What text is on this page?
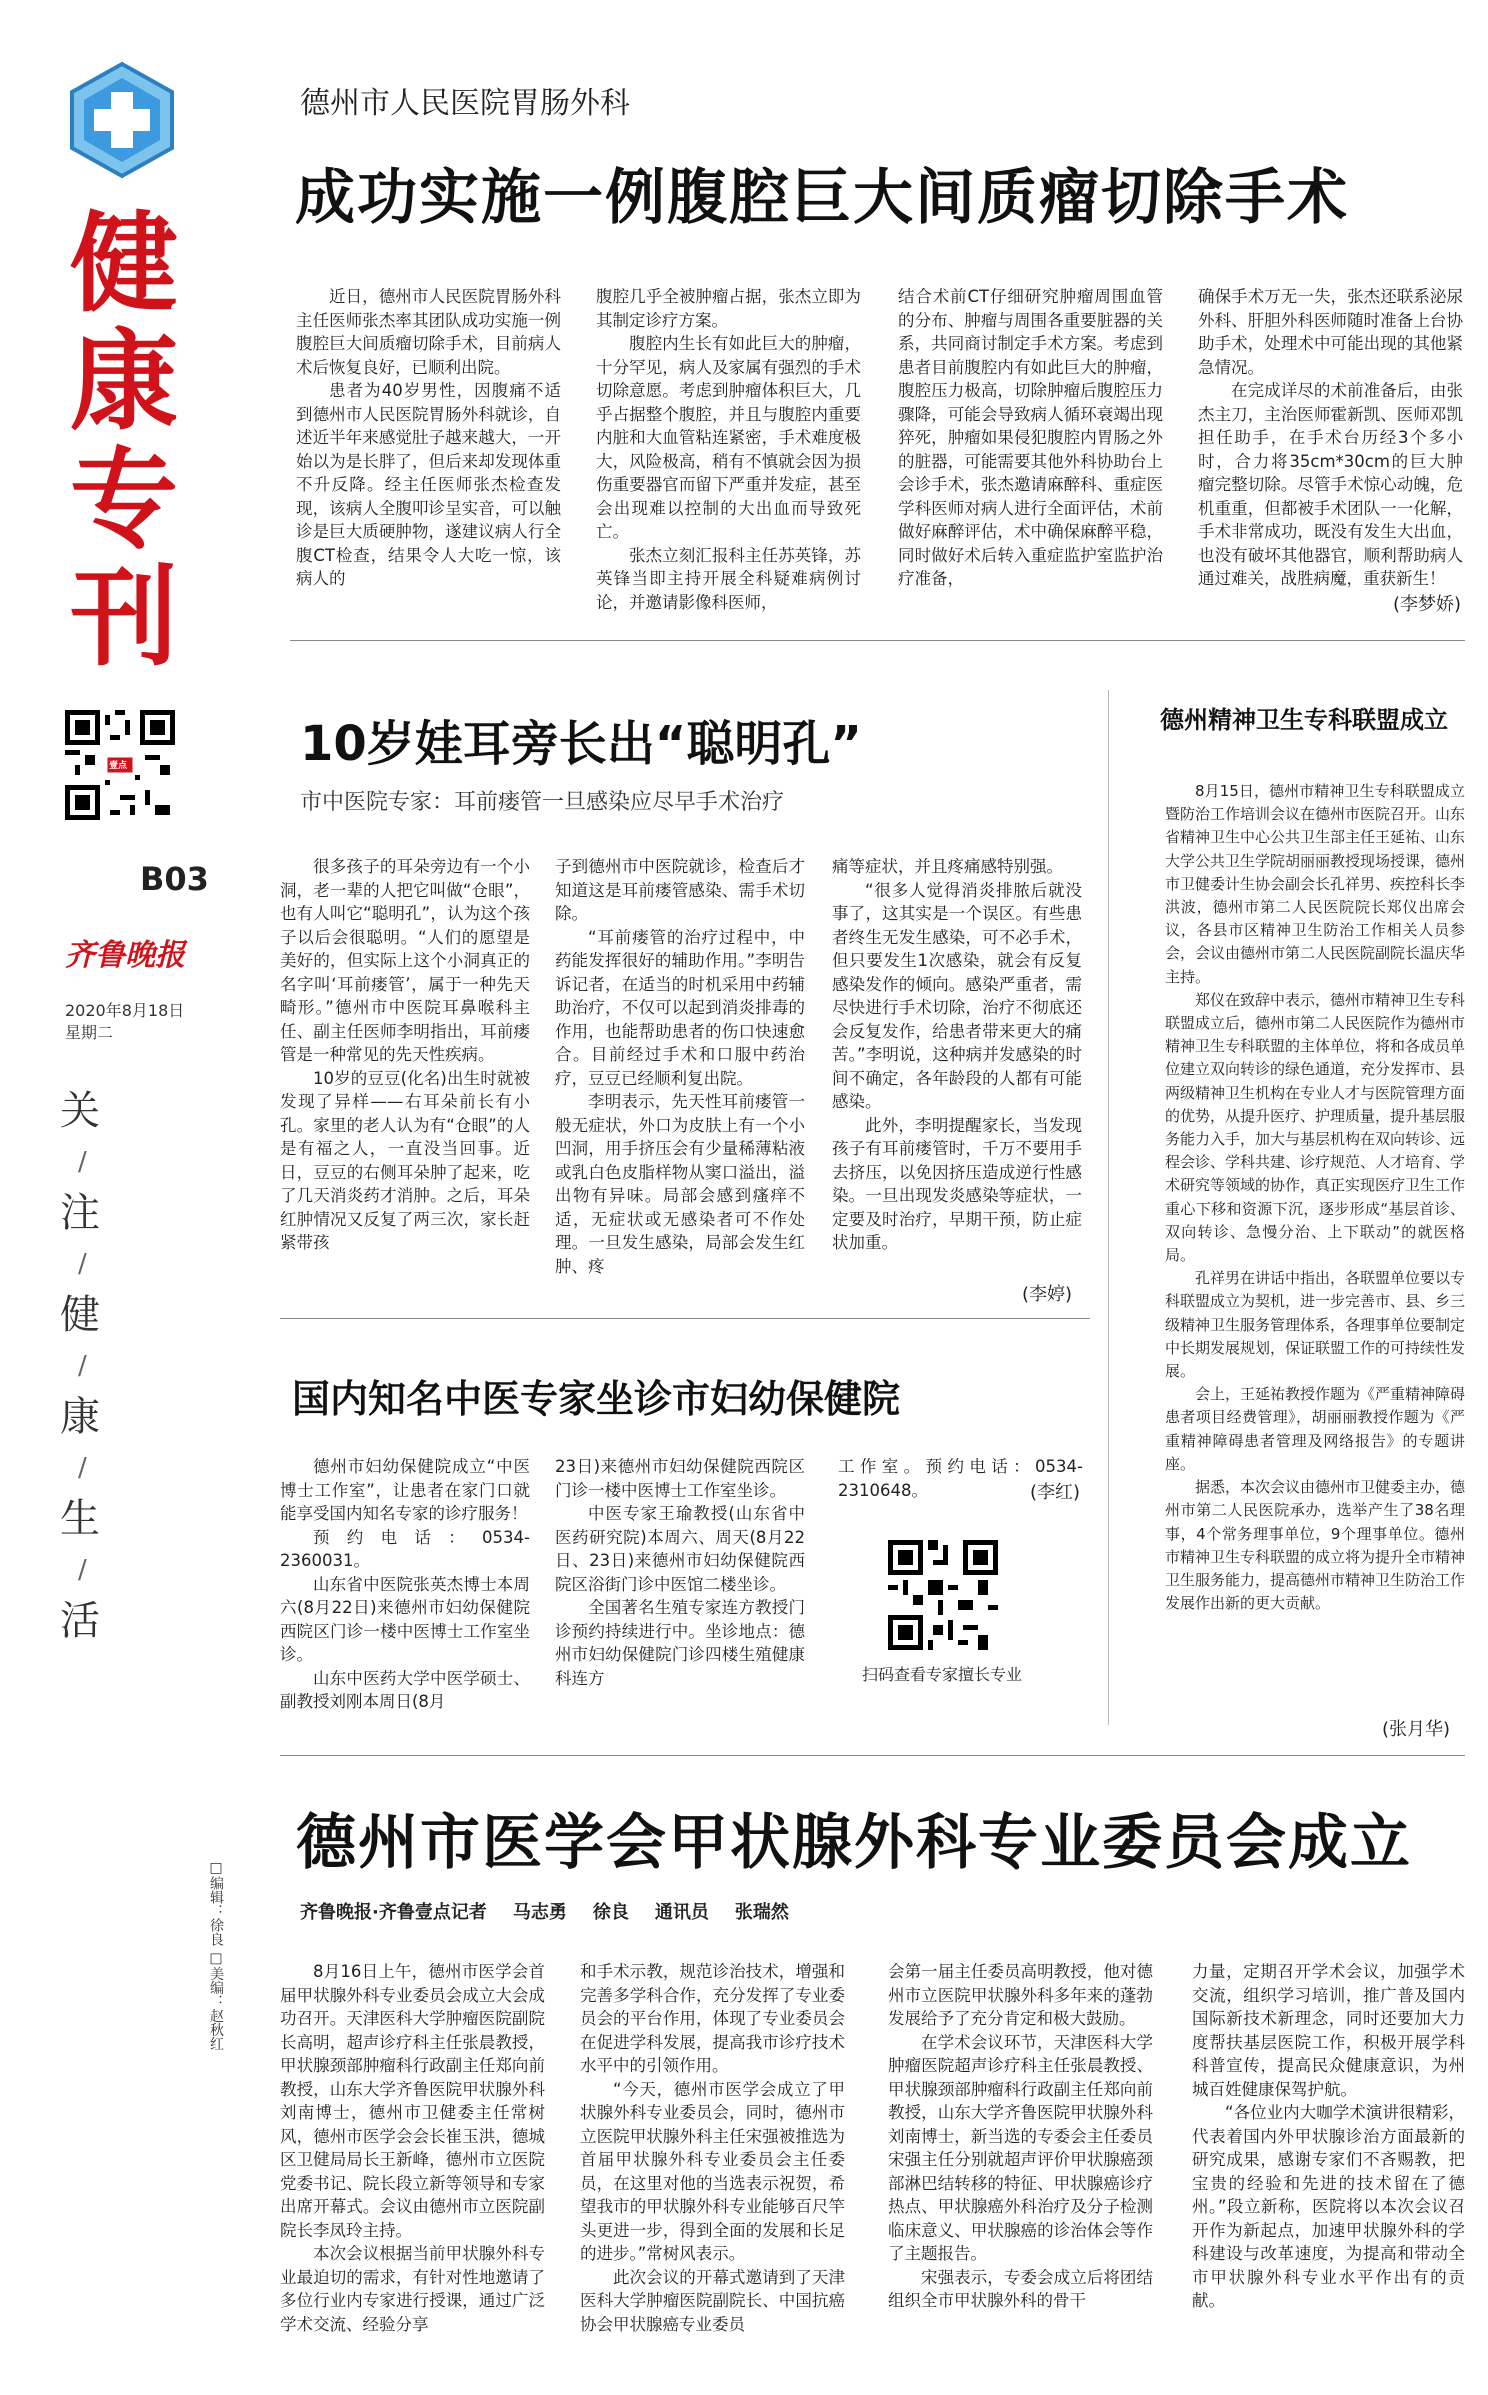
健
康
专
刊
壹点
B03
齐鲁晚报
2020年8月18日
星期二
关
/
注
/
健
/
康
/
生
/
活
□编辑：徐良 □美编：赵秋红
德州市人民医院胃肠外科
成功实施一例腹腔巨大间质瘤切除手术

近日，德州市人民医院胃肠外科主任医师张杰率其团队成功实施一例腹腔巨大间质瘤切除手术，目前病人术后恢复良好，已顺利出院。

患者为40岁男性，因腹痛不适到德州市人民医院胃肠外科就诊，自述近半年来感觉肚子越来越大，一开始以为是长胖了，但后来却发现体重不升反降。经主任医师张杰检查发现，该病人全腹叩诊呈实音，可以触诊是巨大质硬肿物，遂建议病人行全腹CT检查，结果令人大吃一惊，该病人的

腹腔几乎全被肿瘤占据，张杰立即为其制定诊疗方案。

腹腔内生长有如此巨大的肿瘤，十分罕见，病人及家属有强烈的手术切除意愿。考虑到肿瘤体积巨大，几乎占据整个腹腔，并且与腹腔内重要内脏和大血管粘连紧密，手术难度极大，风险极高，稍有不慎就会因为损伤重要器官而留下严重并发症，甚至会出现难以控制的大出血而导致死亡。

张杰立刻汇报科主任苏英锋，苏英锋当即主持开展全科疑难病例讨论，并邀请影像科医师，

结合术前CT仔细研究肿瘤周围血管的分布、肿瘤与周围各重要脏器的关系，共同商讨制定手术方案。考虑到患者目前腹腔内有如此巨大的肿瘤，腹腔压力极高，切除肿瘤后腹腔压力骤降，可能会导致病人循环衰竭出现猝死，肿瘤如果侵犯腹腔内胃肠之外的脏器，可能需要其他外科协助台上会诊手术，张杰邀请麻醉科、重症医学科医师对病人进行全面评估，术前做好麻醉评估，术中确保麻醉平稳，同时做好术后转入重症监护室监护治疗准备，

确保手术万无一失，张杰还联系泌尿外科、肝胆外科医师随时准备上台协助手术，处理术中可能出现的其他紧急情况。

在完成详尽的术前准备后，由张杰主刀，主治医师霍新凯、医师邓凯担任助手，在手术台历经3个多小时，合力将35cm*30cm的巨大肿瘤完整切除。尽管手术惊心动魄，危机重重，但都被手术团队一一化解，手术非常成功，既没有发生大出血，也没有破坏其他器官，顺利帮助病人通过难关，战胜病魔，重获新生！

(李梦娇)
10岁娃耳旁长出“聪明孔”
市中医院专家：耳前瘘管一旦感染应尽早手术治疗

很多孩子的耳朵旁边有一个小洞，老一辈的人把它叫做“仓眼”，也有人叫它“聪明孔”，认为这个孩子以后会很聪明。“人们的愿望是美好的，但实际上这个小洞真正的名字叫‘耳前瘘管’，属于一种先天畸形。”德州市中医院耳鼻喉科主任、副主任医师李明指出，耳前瘘管是一种常见的先天性疾病。

10岁的豆豆(化名)出生时就被发现了异样——右耳朵前长有小孔。家里的老人认为有“仓眼”的人是有福之人，一直没当回事。近日，豆豆的右侧耳朵肿了起来，吃了几天消炎药才消肿。之后，耳朵红肿情况又反复了两三次，家长赶紧带孩

子到德州市中医院就诊，检查后才知道这是耳前瘘管感染、需手术切除。

“耳前瘘管的治疗过程中，中药能发挥很好的辅助作用。”李明告诉记者，在适当的时机采用中药辅助治疗，不仅可以起到消炎排毒的作用，也能帮助患者的伤口快速愈合。目前经过手术和口服中药治疗，豆豆已经顺利复出院。

李明表示，先天性耳前瘘管一般无症状，外口为皮肤上有一个小凹洞，用手挤压会有少量稀薄粘液或乳白色皮脂样物从窦口溢出，溢出物有异味。局部会感到瘙痒不适，无症状或无感染者可不作处理。一旦发生感染，局部会发生红肿、疼

痛等症状，并且疼痛感特别强。

“很多人觉得消炎排脓后就没事了，这其实是一个误区。有些患者终生无发生感染，可不必手术，但只要发生1次感染，就会有反复感染发作的倾向。感染严重者，需尽快进行手术切除，治疗不彻底还会反复发作，给患者带来更大的痛苦。”李明说，这种病并发感染的时间不确定，各年龄段的人都有可能感染。

此外，李明提醒家长，当发现孩子有耳前瘘管时，千万不要用手去挤压，以免因挤压造成逆行性感染。一旦出现发炎感染等症状，一定要及时治疗，早期干预，防止症状加重。

(李婷)
国内知名中医专家坐诊市妇幼保健院

德州市妇幼保健院成立“中医博士工作室”，让患者在家门口就能享受国内知名专家的诊疗服务！

预约电话：0534-2360031。

山东省中医院张英杰博士本周六(8月22日)来德州市妇幼保健院西院区门诊一楼中医博士工作室坐诊。

山东中医药大学中医学硕士、副教授刘刚本周日(8月

23日)来德州市妇幼保健院西院区门诊一楼中医博士工作室坐诊。

中医专家王瑜教授(山东省中医药研究院)本周六、周天(8月22日、23日)来德州市妇幼保健院西院区浴街门诊中医馆二楼坐诊。

全国著名生殖专家连方教授门诊预约持续进行中。坐诊地点：德州市妇幼保健院门诊四楼生殖健康科连方

工作室。预约电话：0534-2310648。	(李红)
扫码查看专家擅长专业
德州精神卫生专科联盟成立

8月15日，德州市精神卫生专科联盟成立暨防治工作培训会议在德州市医院召开。山东省精神卫生中心公共卫生部主任王延祐、山东大学公共卫生学院胡丽丽教授现场授课，德州市卫健委计生协会副会长孔祥男、疾控科长李洪波，德州市第二人民医院院长郑仪出席会议，各县市区精神卫生防治工作相关人员参会，会议由德州市第二人民医院副院长温庆华主持。

郑仪在致辞中表示，德州市精神卫生专科联盟成立后，德州市第二人民医院作为德州市精神卫生专科联盟的主体单位，将和各成员单位建立双向转诊的绿色通道，充分发挥市、县两级精神卫生机构在专业人才与医院管理方面的优势，从提升医疗、护理质量，提升基层服务能力入手，加大与基层机构在双向转诊、远程会诊、学科共建、诊疗规范、人才培育、学术研究等领域的协作，真正实现医疗卫生工作重心下移和资源下沉，逐步形成“基层首诊、双向转诊、急慢分治、上下联动”的就医格局。

孔祥男在讲话中指出，各联盟单位要以专科联盟成立为契机，进一步完善市、县、乡三级精神卫生服务管理体系，各理事单位要制定中长期发展规划，保证联盟工作的可持续性发展。

会上，王延祐教授作题为《严重精神障碍患者项目经费管理》，胡丽丽教授作题为《严重精神障碍患者管理及网络报告》的专题讲座。

据悉，本次会议由德州市卫健委主办，德州市第二人民医院承办，选举产生了38名理事，4个常务理事单位，9个理事单位。德州市精神卫生专科联盟的成立将为提升全市精神卫生服务能力，提高德州市精神卫生防治工作发展作出新的更大贡献。

(张月华)
德州市医学会甲状腺外科专业委员会成立
齐鲁晚报·齐鲁壹点记者 马志勇 徐良 通讯员 张瑞然

8月16日上午，德州市医学会首届甲状腺外科专业委员会成立大会成功召开。天津医科大学肿瘤医院副院长高明，超声诊疗科主任张晨教授，甲状腺颈部肿瘤科行政副主任郑向前教授，山东大学齐鲁医院甲状腺外科刘南博士，德州市卫健委主任常树风，德州市医学会会长崔玉洪，德城区卫健局局长王新峰，德州市立医院党委书记、院长段立新等领导和专家出席开幕式。会议由德州市立医院副院长李凤玲主持。

本次会议根据当前甲状腺外科专业最迫切的需求，有针对性地邀请了多位行业内专家进行授课，通过广泛学术交流、经验分享

和手术示教，规范诊治技术，增强和完善多学科合作，充分发挥了专业委员会的平台作用，体现了专业委员会在促进学科发展，提高我市诊疗技术水平中的引领作用。

“今天，德州市医学会成立了甲状腺外科专业委员会，同时，德州市立医院甲状腺外科主任宋强被推选为首届甲状腺外科专业委员会主任委员，在这里对他的当选表示祝贺，希望我市的甲状腺外科专业能够百尺竿头更进一步，得到全面的发展和长足的进步。”常树风表示。

此次会议的开幕式邀请到了天津医科大学肿瘤医院副院长、中国抗癌协会甲状腺癌专业委员

会第一届主任委员高明教授，他对德州市立医院甲状腺外科多年来的蓬勃发展给予了充分肯定和极大鼓励。

在学术会议环节，天津医科大学肿瘤医院超声诊疗科主任张晨教授、甲状腺颈部肿瘤科行政副主任郑向前教授，山东大学齐鲁医院甲状腺外科刘南博士，新当选的专委会主任委员宋强主任分别就超声评价甲状腺癌颈部淋巴结转移的特征、甲状腺癌诊疗热点、甲状腺癌外科治疗及分子检测临床意义、甲状腺癌的诊治体会等作了主题报告。

宋强表示，专委会成立后将团结组织全市甲状腺外科的骨干

力量，定期召开学术会议，加强学术交流，组织学习培训，推广普及国内国际新技术新理念，同时还要加大力度帮扶基层医院工作，积极开展学科科普宣传，提高民众健康意识，为州城百姓健康保驾护航。

“各位业内大咖学术演讲很精彩，代表着国内外甲状腺诊治方面最新的研究成果，感谢专家们不吝赐教，把宝贵的经验和先进的技术留在了德州。”段立新称，医院将以本次会议召开作为新起点，加速甲状腺外科的学科建设与改革速度，为提高和带动全市甲状腺外科专业水平作出有的贡献。
